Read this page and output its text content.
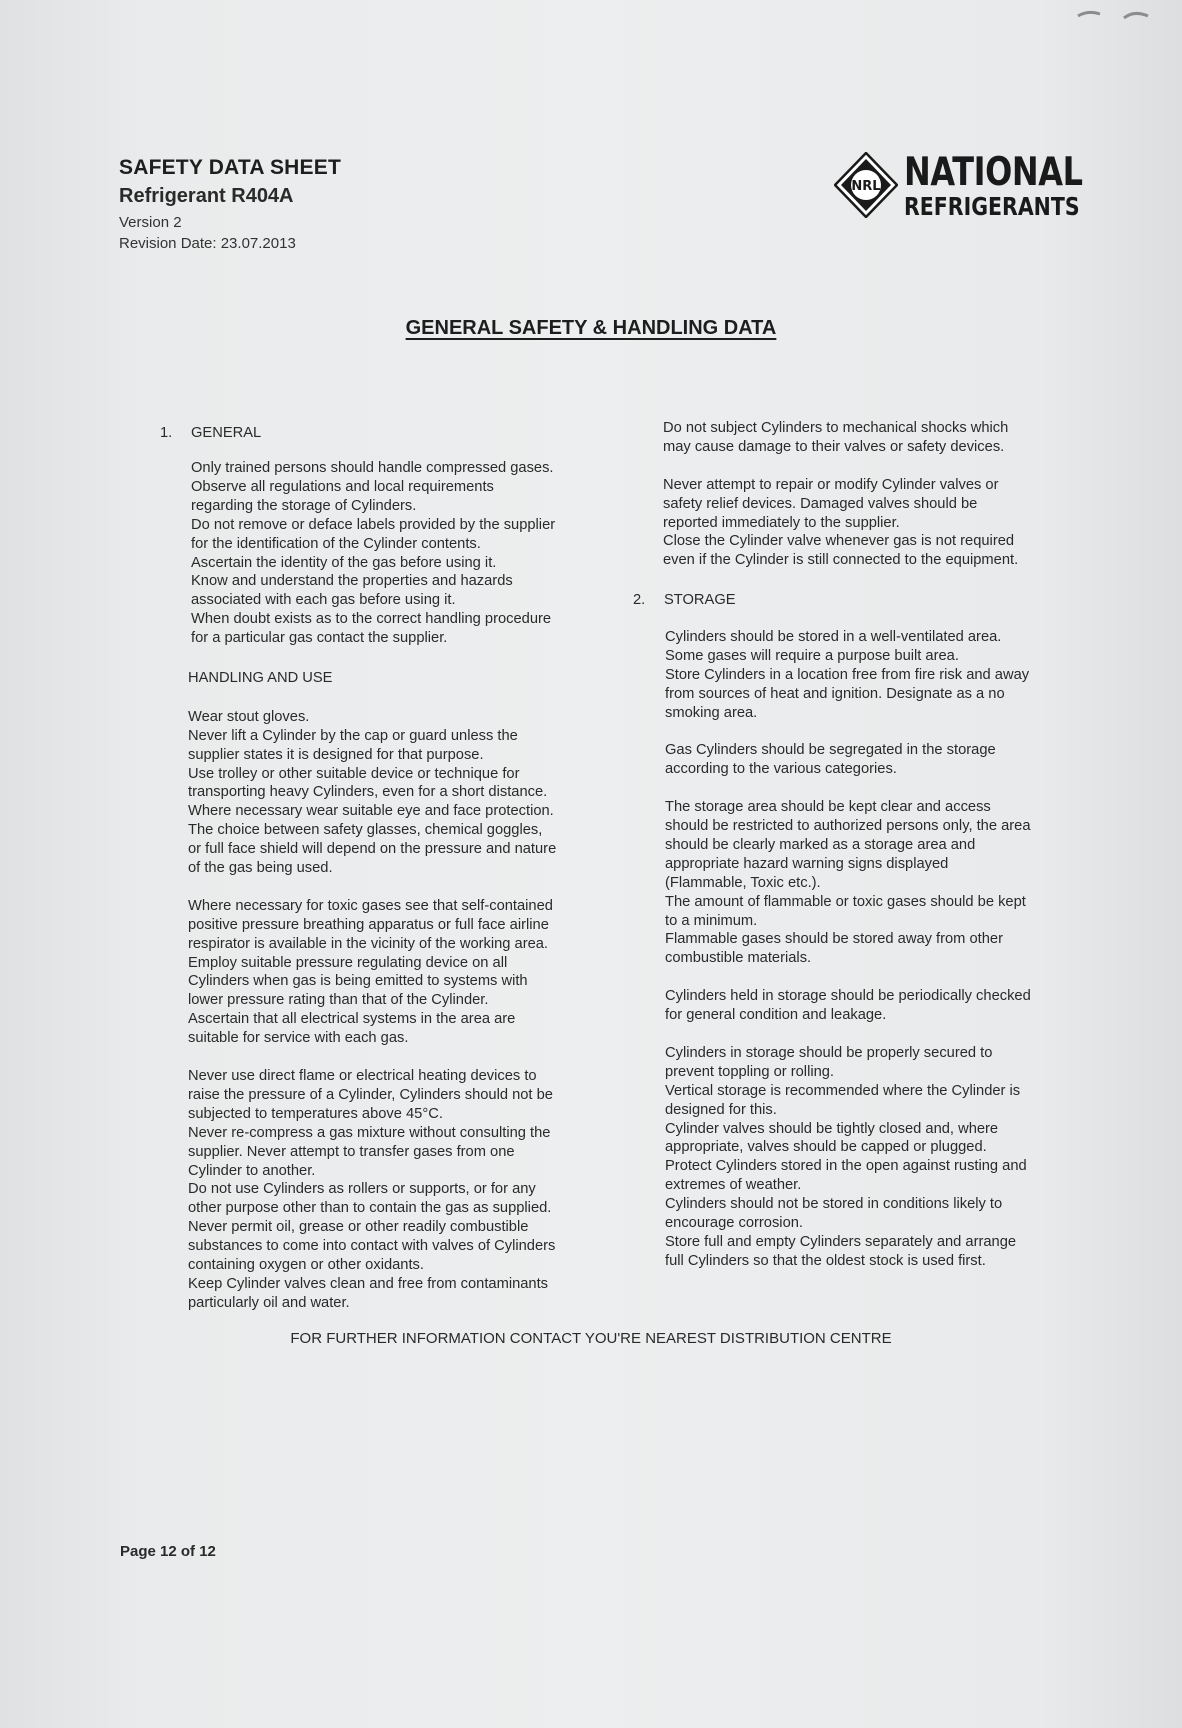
SAFETY DATA SHEET
Refrigerant R404A
Version 2
Revision Date: 23.07.2013
NRL NATIONAL
REFRIGERANTS
GENERAL SAFETY & HANDLING DATA
1.	GENERAL

Only trained persons should handle compressed gases.

Observe all regulations and local requirements

regarding the storage of Cylinders.

Do not remove or deface labels provided by the supplier

for the identification of the Cylinder contents.

Ascertain the identity of the gas before using it.

Know and understand the properties and hazards

associated with each gas before using it.

When doubt exists as to the correct handling procedure

for a particular gas contact the supplier.

HANDLING AND USE

Wear stout gloves.

Never lift a Cylinder by the cap or guard unless the

supplier states it is designed for that purpose.

Use trolley or other suitable device or technique for

transporting heavy Cylinders, even for a short distance.

Where necessary wear suitable eye and face protection.

The choice between safety glasses, chemical goggles,

or full face shield will depend on the pressure and nature

of the gas being used.

Where necessary for toxic gases see that self-contained

positive pressure breathing apparatus or full face airline

respirator is available in the vicinity of the working area.

Employ suitable pressure regulating device on all

Cylinders when gas is being emitted to systems with

lower pressure rating than that of the Cylinder.

Ascertain that all electrical systems in the area are

suitable for service with each gas.

Never use direct flame or electrical heating devices to

raise the pressure of a Cylinder, Cylinders should not be

subjected to temperatures above 45°C.

Never re-compress a gas mixture without consulting the

supplier. Never attempt to transfer gases from one

Cylinder to another.

Do not use Cylinders as rollers or supports, or for any

other purpose other than to contain the gas as supplied.

Never permit oil, grease or other readily combustible

substances to come into contact with valves of Cylinders

containing oxygen or other oxidants.

Keep Cylinder valves clean and free from contaminants

particularly oil and water.

Do not subject Cylinders to mechanical shocks which

may cause damage to their valves or safety devices.

Never attempt to repair or modify Cylinder valves or

safety relief devices. Damaged valves should be

reported immediately to the supplier.

Close the Cylinder valve whenever gas is not required

even if the Cylinder is still connected to the equipment.

2.	STORAGE

Cylinders should be stored in a well-ventilated area.

Some gases will require a purpose built area.

Store Cylinders in a location free from fire risk and away

from sources of heat and ignition. Designate as a no

smoking area.

Gas Cylinders should be segregated in the storage

according to the various categories.

The storage area should be kept clear and access

should be restricted to authorized persons only, the area

should be clearly marked as a storage area and

appropriate hazard warning signs displayed

(Flammable, Toxic etc.).

The amount of flammable or toxic gases should be kept

to a minimum.

Flammable gases should be stored away from other

combustible materials.

Cylinders held in storage should be periodically checked

for general condition and leakage.

Cylinders in storage should be properly secured to

prevent toppling or rolling.

Vertical storage is recommended where the Cylinder is

designed for this.

Cylinder valves should be tightly closed and, where

appropriate, valves should be capped or plugged.

Protect Cylinders stored in the open against rusting and

extremes of weather.

Cylinders should not be stored in conditions likely to

encourage corrosion.

Store full and empty Cylinders separately and arrange

full Cylinders so that the oldest stock is used first.

FOR FURTHER INFORMATION CONTACT YOU'RE NEAREST DISTRIBUTION CENTRE
Page 12 of 12
